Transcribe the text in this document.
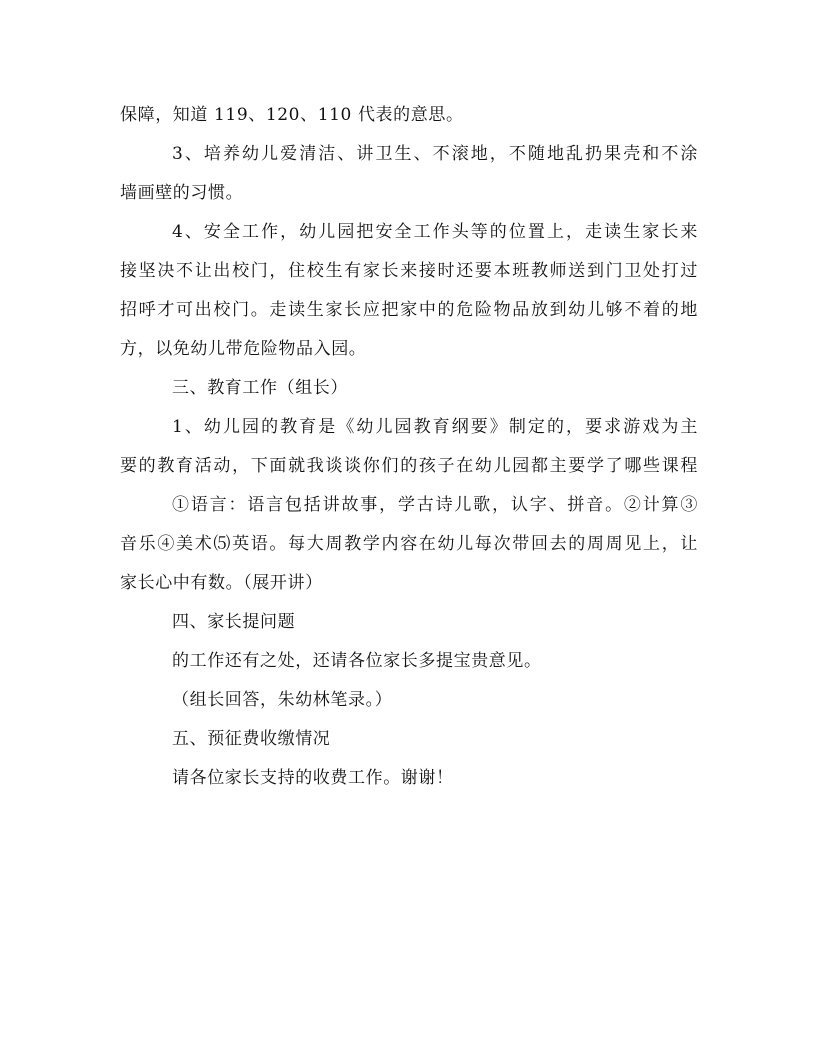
保障，知道 119、120、110 代表的意思。
3、培养幼儿爱清洁、讲卫生、不滚地，不随地乱扔果壳和不涂
墙画壁的习惯。
4、安全工作，幼儿园把安全工作头等的位置上，走读生家长来
接坚决不让出校门，住校生有家长来接时还要本班教师送到门卫处打过
招呼才可出校门。走读生家长应把家中的危险物品放到幼儿够不着的地
方，以免幼儿带危险物品入园。
三、教育工作（组长）
1、幼儿园的教育是《幼儿园教育纲要》制定的，要求游戏为主
要的教育活动，下面就我谈谈你们的孩子在幼儿园都主要学了哪些课程
①语言：语言包括讲故事，学古诗儿歌，认字、拼音。②计算③
音乐④美术⑸英语。每大周教学内容在幼儿每次带回去的周周见上，让
家长心中有数。（展开讲）
四、家长提问题
的工作还有之处，还请各位家长多提宝贵意见。
（组长回答，朱幼林笔录。）
五、预征费收缴情况
请各位家长支持的收费工作。谢谢！
